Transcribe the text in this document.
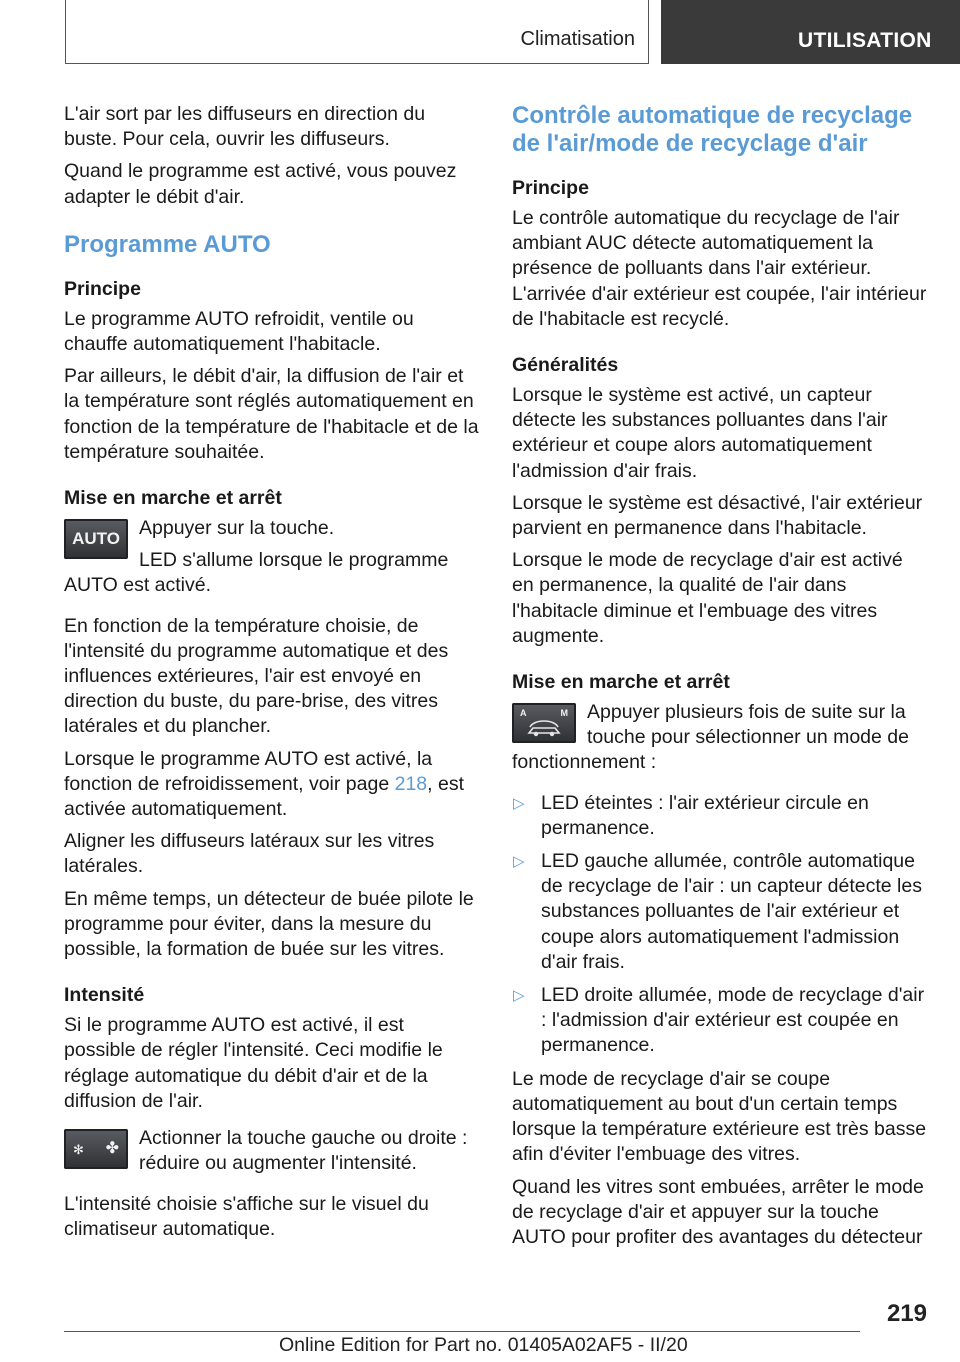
Climatisation	UTILISATION

L'air sort par les diffuseurs en direction du buste. Pour cela, ouvrir les diffuseurs.

Quand le programme est activé, vous pouvez adapter le débit d'air.

Programme AUTO
Principe

Le programme AUTO refroidit, ventile ou chauffe automatiquement l'habitacle.

Par ailleurs, le débit d'air, la diffusion de l'air et la température sont réglés automatiquement en fonction de la température de l'habitacle et de la température souhaitée.

Mise en marche et arrêt
AUTO Appuyer sur la touche.

LED s'allume lorsque le programme AUTO est activé.

En fonction de la température choisie, de l'intensité du programme automatique et des influences extérieures, l'air est envoyé en direction du buste, du pare-brise, des vitres latérales et du plancher.

Lorsque le programme AUTO est activé, la fonction de refroidissement, voir page 218, est activée automatiquement.

Aligner les diffuseurs latéraux sur les vitres latérales.

En même temps, un détecteur de buée pilote le programme pour éviter, dans la mesure du possible, la formation de buée sur les vitres.

Intensité

Si le programme AUTO est activé, il est possible de régler l'intensité. Ceci modifie le réglage automatique du débit d'air et de la diffusion de l'air.

✻ ✤	Actionner la touche gauche ou droite : réduire ou augmenter l'intensité.

L'intensité choisie s'affiche sur le visuel du climatiseur automatique.

Contrôle automatique de recyclage de l'air/mode de recyclage d'air
Principe

Le contrôle automatique du recyclage de l'air ambiant AUC détecte automatiquement la présence de polluants dans l'air extérieur. L'arrivée d'air extérieur est coupée, l'air intérieur de l'habitacle est recyclé.

Généralités

Lorsque le système est activé, un capteur détecte les substances polluantes dans l'air extérieur et coupe alors automatiquement l'admission d'air frais.

Lorsque le système est désactivé, l'air extérieur parvient en permanence dans l'habitacle.

Lorsque le mode de recyclage d'air est activé en permanence, la qualité de l'air dans l'habitacle diminue et l'embuage des vitres augmente.

Mise en marche et arrêt
A	M Appuyer plusieurs fois de suite sur la touche pour sélectionner un mode de fonctionnement :

▷ LED éteintes : l'air extérieur circule en permanence.
▷ LED gauche allumée, contrôle automatique de recyclage de l'air : un capteur détecte les substances polluantes de l'air extérieur et coupe alors automatiquement l'admission d'air frais.
▷ LED droite allumée, mode de recyclage d'air : l'admission d'air extérieur est coupée en permanence.

Le mode de recyclage d'air se coupe automatiquement au bout d'un certain temps lorsque la température extérieure est très basse afin d'éviter l'embuage des vitres.

Quand les vitres sont embuées, arrêter le mode de recyclage d'air et appuyer sur la touche AUTO pour profiter des avantages du détecteur

219
Online Edition for Part no. 01405A02AF5 - II/20
